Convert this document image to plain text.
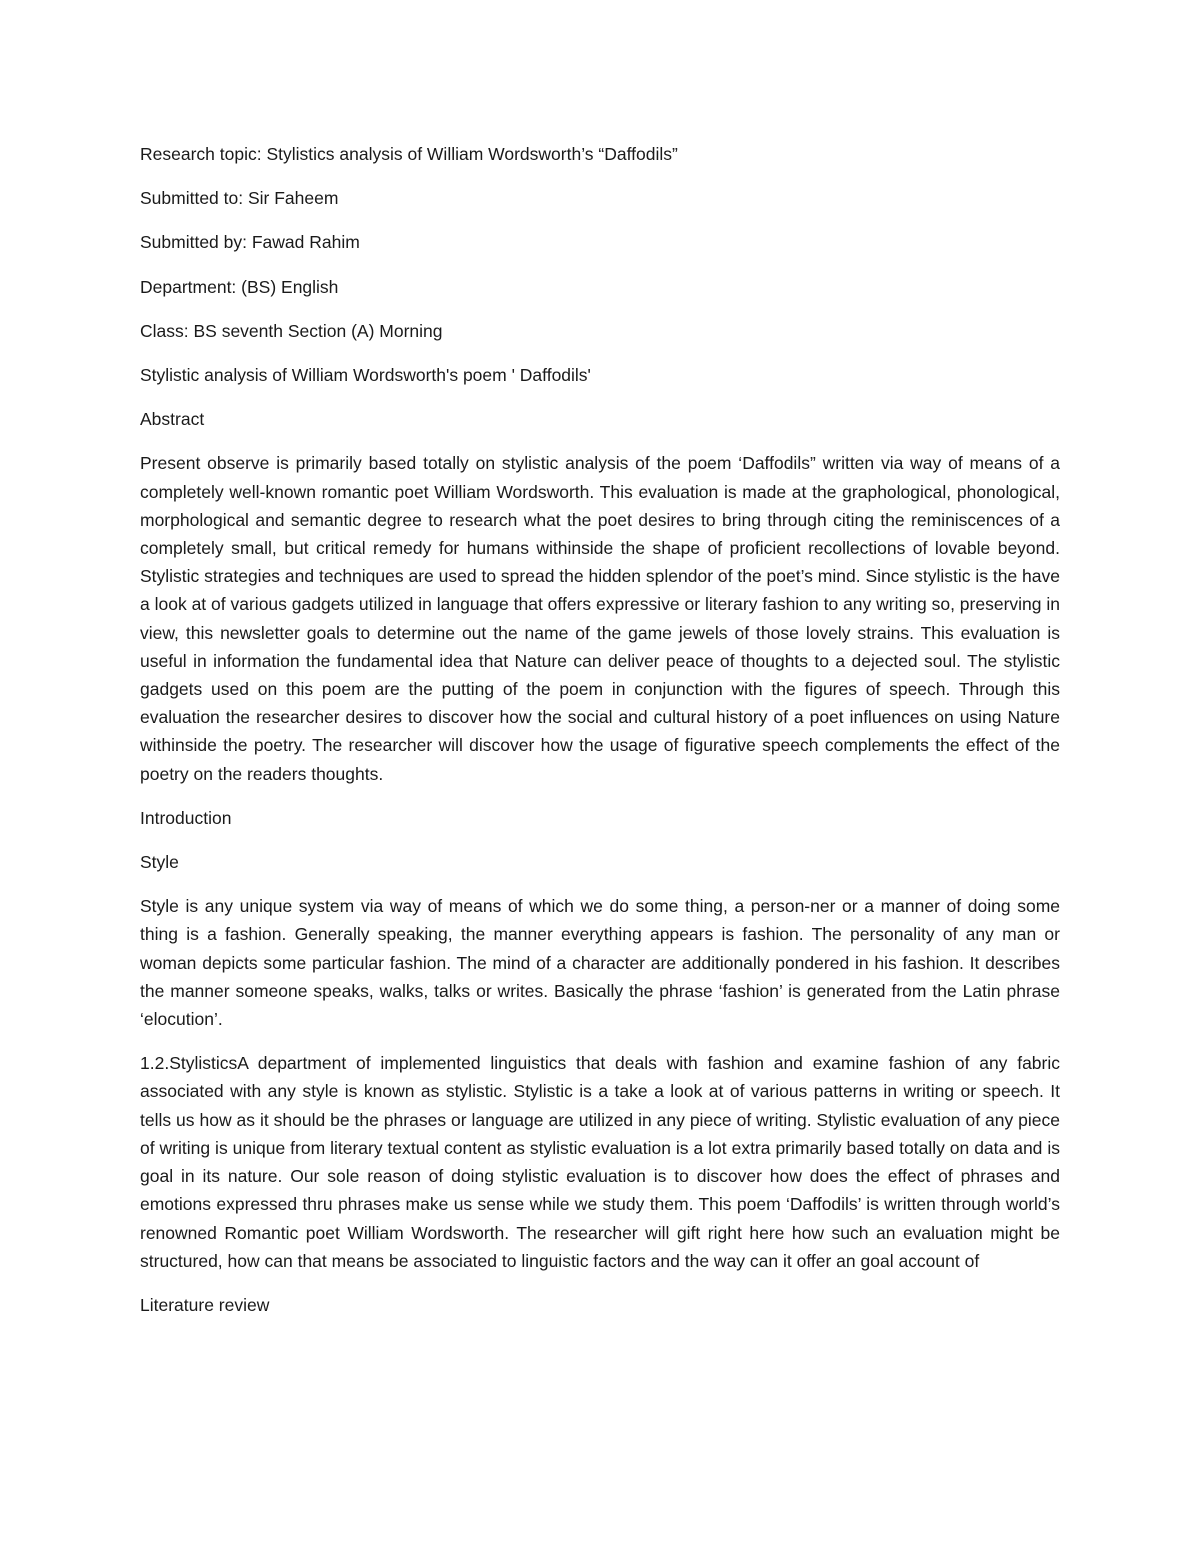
Research topic: Stylistics analysis of William Wordsworth’s “Daffodils”

Submitted to: Sir Faheem

Submitted by: Fawad Rahim

Department: (BS) English

Class: BS seventh Section (A) Morning

Stylistic analysis of William Wordsworth's poem ' Daffodils'

Abstract

Present observe is primarily based totally on stylistic analysis of the poem ‘Daffodils” written via way of means of a completely well-known romantic poet William Wordsworth. This evaluation is made at the graphological, phonological, morphological and semantic degree to research what the poet desires to bring through citing the reminiscences of a completely small, but critical remedy for humans withinside the shape of proficient recollections of lovable beyond. Stylistic strategies and techniques are used to spread the hidden splendor of the poet’s mind. Since stylistic is the have a look at of various gadgets utilized in language that offers expressive or literary fashion to any writing so, preserving in view, this newsletter goals to determine out the name of the game jewels of those lovely strains. This evaluation is useful in information the fundamental idea that Nature can deliver peace of thoughts to a dejected soul. The stylistic gadgets used on this poem are the putting of the poem in conjunction with the figures of speech. Through this evaluation the researcher desires to discover how the social and cultural history of a poet influences on using Nature withinside the poetry. The researcher will discover how the usage of figurative speech complements the effect of the poetry on the readers thoughts.

Introduction

Style

Style is any unique system via way of means of which we do some thing, a person-ner or a manner of doing some thing is a fashion. Generally speaking, the manner everything appears is fashion. The personality of any man or woman depicts some particular fashion. The mind of a character are additionally pondered in his fashion. It describes the manner someone speaks, walks, talks or writes. Basically the phrase ‘fashion’ is generated from the Latin phrase ‘elocution’.

1.2.StylisticsA department of implemented linguistics that deals with fashion and examine fashion of any fabric associated with any style is known as stylistic. Stylistic is a take a look at of various patterns in writing or speech. It tells us how as it should be the phrases or language are utilized in any piece of writing. Stylistic evaluation of any piece of writing is unique from literary textual content as stylistic evaluation is a lot extra primarily based totally on data and is goal in its nature. Our sole reason of doing stylistic evaluation is to discover how does the effect of phrases and emotions expressed thru phrases make us sense while we study them. This poem ‘Daffodils’ is written through world’s renowned Romantic poet William Wordsworth. The researcher will gift right here how such an evaluation might be structured, how can that means be associated to linguistic factors and the way can it offer an goal account of

Literature review
